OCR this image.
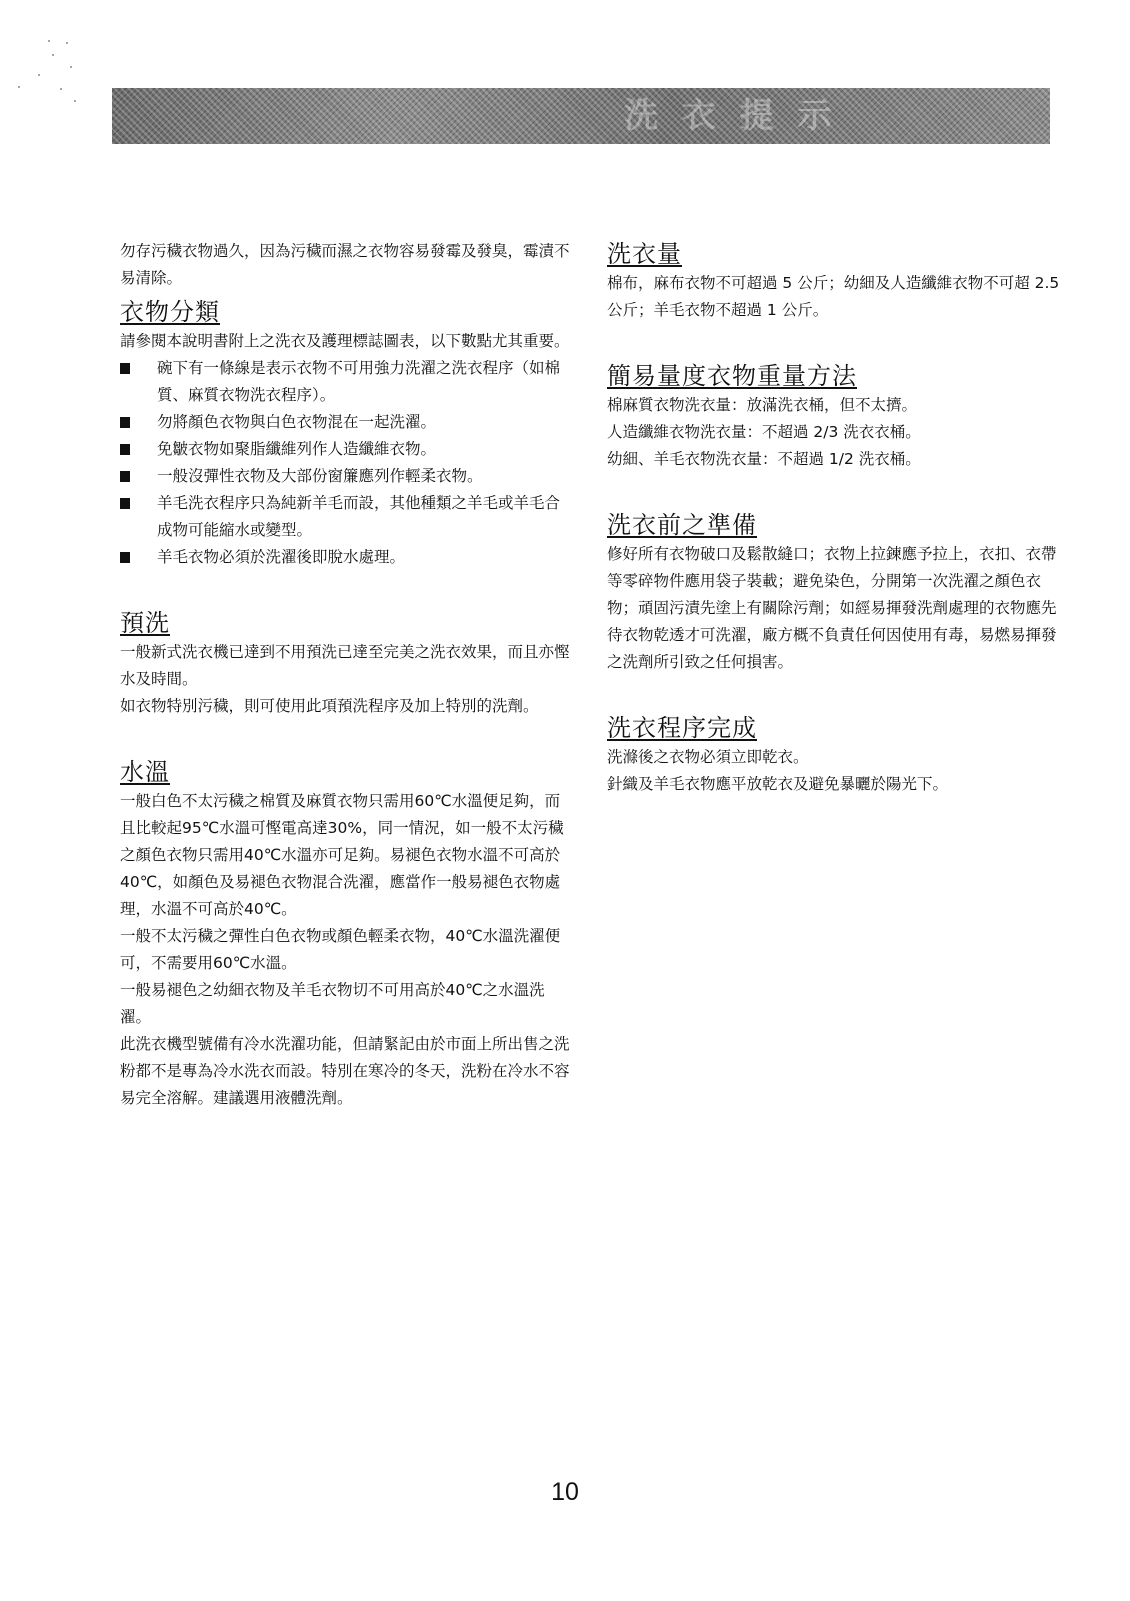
洗 衣 提 示

勿存污穢衣物過久，因為污穢而濕之衣物容易發霉及發臭，霉漬不易清除。

衣物分類

請參閱本說明書附上之洗衣及護理標誌圖表，以下數點尤其重要。

碗下有一條線是表示衣物不可用強力洗濯之洗衣程序（如棉質、麻質衣物洗衣程序）。
勿將顏色衣物與白色衣物混在一起洗濯。
免皺衣物如聚脂纖維列作人造纖維衣物。
一般沒彈性衣物及大部份窗簾應列作輕柔衣物。
羊毛洗衣程序只為純新羊毛而設，其他種類之羊毛或羊毛合成物可能縮水或變型。
羊毛衣物必須於洗濯後即脫水處理。
預洗

一般新式洗衣機已達到不用預洗已達至完美之洗衣效果，而且亦慳水及時間。

如衣物特別污穢，則可使用此項預洗程序及加上特別的洗劑。

水溫

一般白色不太污穢之棉質及麻質衣物只需用60℃水溫便足夠，而且比較起95℃水溫可慳電高達30%，同一情況，如一般不太污穢之顏色衣物只需用40℃水溫亦可足夠。易褪色衣物水溫不可高於40℃，如顏色及易褪色衣物混合洗濯，應當作一般易褪色衣物處理，水溫不可高於40℃。

一般不太污穢之彈性白色衣物或顏色輕柔衣物，40℃水溫洗濯便可，不需要用60℃水溫。

一般易褪色之幼細衣物及羊毛衣物切不可用高於40℃之水溫洗濯。

此洗衣機型號備有冷水洗濯功能，但請緊記由於市面上所出售之洗粉都不是專為冷水洗衣而設。特別在寒冷的冬天，洗粉在冷水不容易完全溶解。建議選用液體洗劑。

洗衣量

棉布，麻布衣物不可超過 5 公斤；幼細及人造纖維衣物不可超 2.5 公斤；羊毛衣物不超過 1 公斤。

簡易量度衣物重量方法

棉麻質衣物洗衣量：放滿洗衣桶，但不太擠。

人造纖維衣物洗衣量：不超過 2/3 洗衣衣桶。

幼細、羊毛衣物洗衣量：不超過 1/2 洗衣桶。

洗衣前之準備

修好所有衣物破口及鬆散縫口；衣物上拉鍊應予拉上，衣扣、衣帶等零碎物件應用袋子裝載；避免染色，分開第一次洗濯之顏色衣物；頑固污漬先塗上有關除污劑；如經易揮發洗劑處理的衣物應先待衣物乾透才可洗濯，廠方概不負責任何因使用有毒，易燃易揮發之洗劑所引致之任何損害。

洗衣程序完成

洗滌後之衣物必須立即乾衣。

針織及羊毛衣物應平放乾衣及避免暴曬於陽光下。

10
